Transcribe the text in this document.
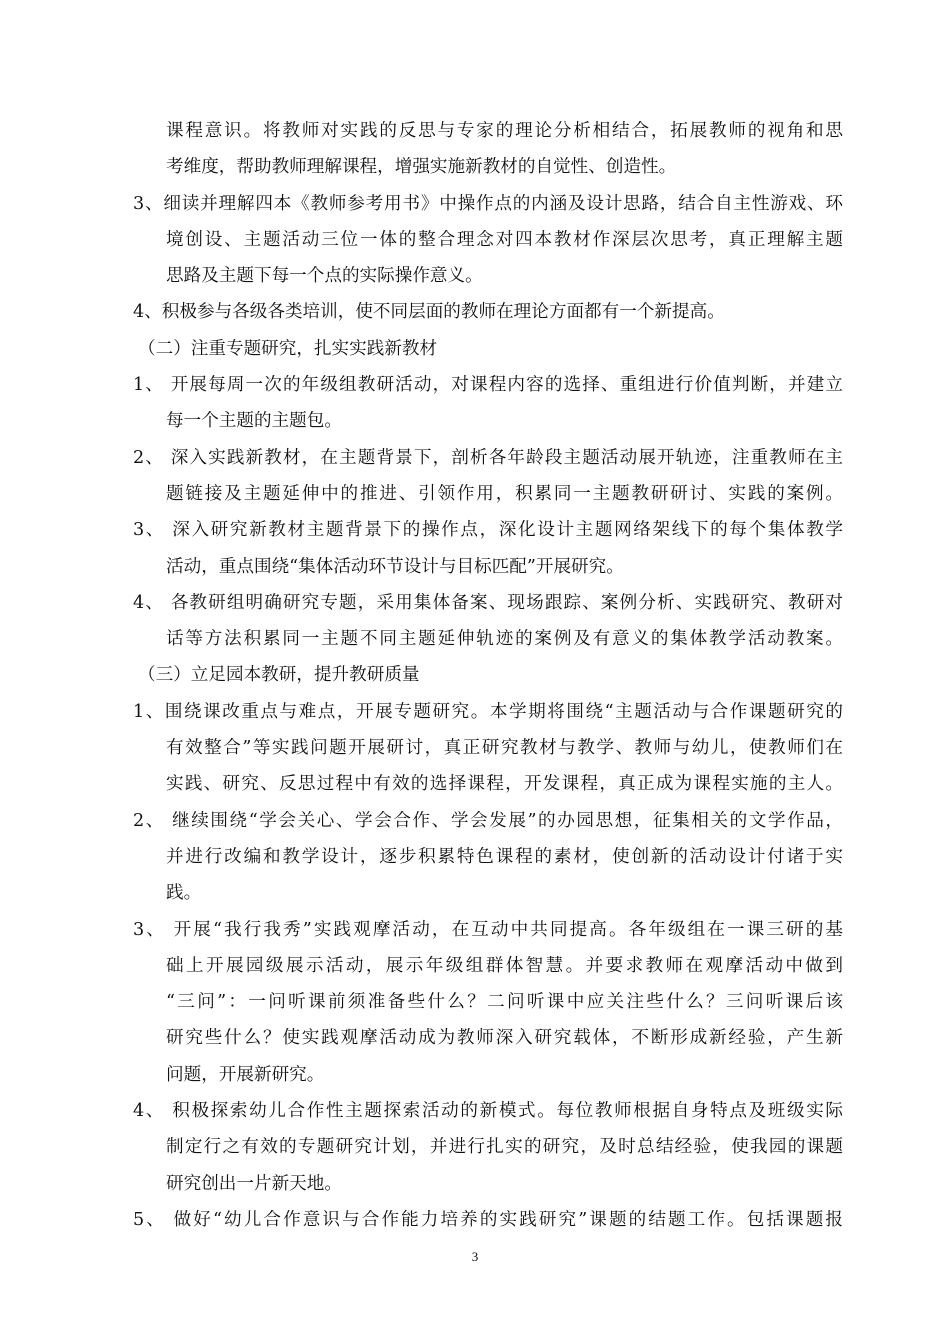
课程意识。将教师对实践的反思与专家的理论分析相结合，拓展教师的视角和思
考维度，帮助教师理解课程，增强实施新教材的自觉性、创造性。
3、细读并理解四本《教师参考用书》中操作点的内涵及设计思路，结合自主性游戏、环
境创设、主题活动三位一体的整合理念对四本教材作深层次思考，真正理解主题
思路及主题下每一个点的实际操作意义。
4、积极参与各级各类培训，使不同层面的教师在理论方面都有一个新提高。
（二）注重专题研究，扎实实践新教材
1、 开展每周一次的年级组教研活动，对课程内容的选择、重组进行价值判断，并建立
每一个主题的主题包。
2、 深入实践新教材，在主题背景下，剖析各年龄段主题活动展开轨迹，注重教师在主
题链接及主题延伸中的推进、引领作用，积累同一主题教研研讨、实践的案例。
3、 深入研究新教材主题背景下的操作点，深化设计主题网络架线下的每个集体教学
活动，重点围绕“集体活动环节设计与目标匹配”开展研究。
4、 各教研组明确研究专题，采用集体备案、现场跟踪、案例分析、实践研究、教研对
话等方法积累同一主题不同主题延伸轨迹的案例及有意义的集体教学活动教案。
（三）立足园本教研，提升教研质量
1、围绕课改重点与难点，开展专题研究。本学期将围绕“主题活动与合作课题研究的
有效整合”等实践问题开展研讨，真正研究教材与教学、教师与幼儿，使教师们在
实践、研究、反思过程中有效的选择课程，开发课程，真正成为课程实施的主人。
2、 继续围绕“学会关心、学会合作、学会发展”的办园思想，征集相关的文学作品，
并进行改编和教学设计，逐步积累特色课程的素材，使创新的活动设计付诸于实
践。
3、 开展“我行我秀”实践观摩活动，在互动中共同提高。各年级组在一课三研的基
础上开展园级展示活动，展示年级组群体智慧。并要求教师在观摩活动中做到
“三问”：一问听课前须准备些什么？二问听课中应关注些什么？三问听课后该
研究些什么？使实践观摩活动成为教师深入研究载体，不断形成新经验，产生新
问题，开展新研究。
4、 积极探索幼儿合作性主题探索活动的新模式。每位教师根据自身特点及班级实际
制定行之有效的专题研究计划，并进行扎实的研究，及时总结经验，使我园的课题
研究创出一片新天地。
5、 做好“幼儿合作意识与合作能力培养的实践研究”课题的结题工作。包括课题报
3
